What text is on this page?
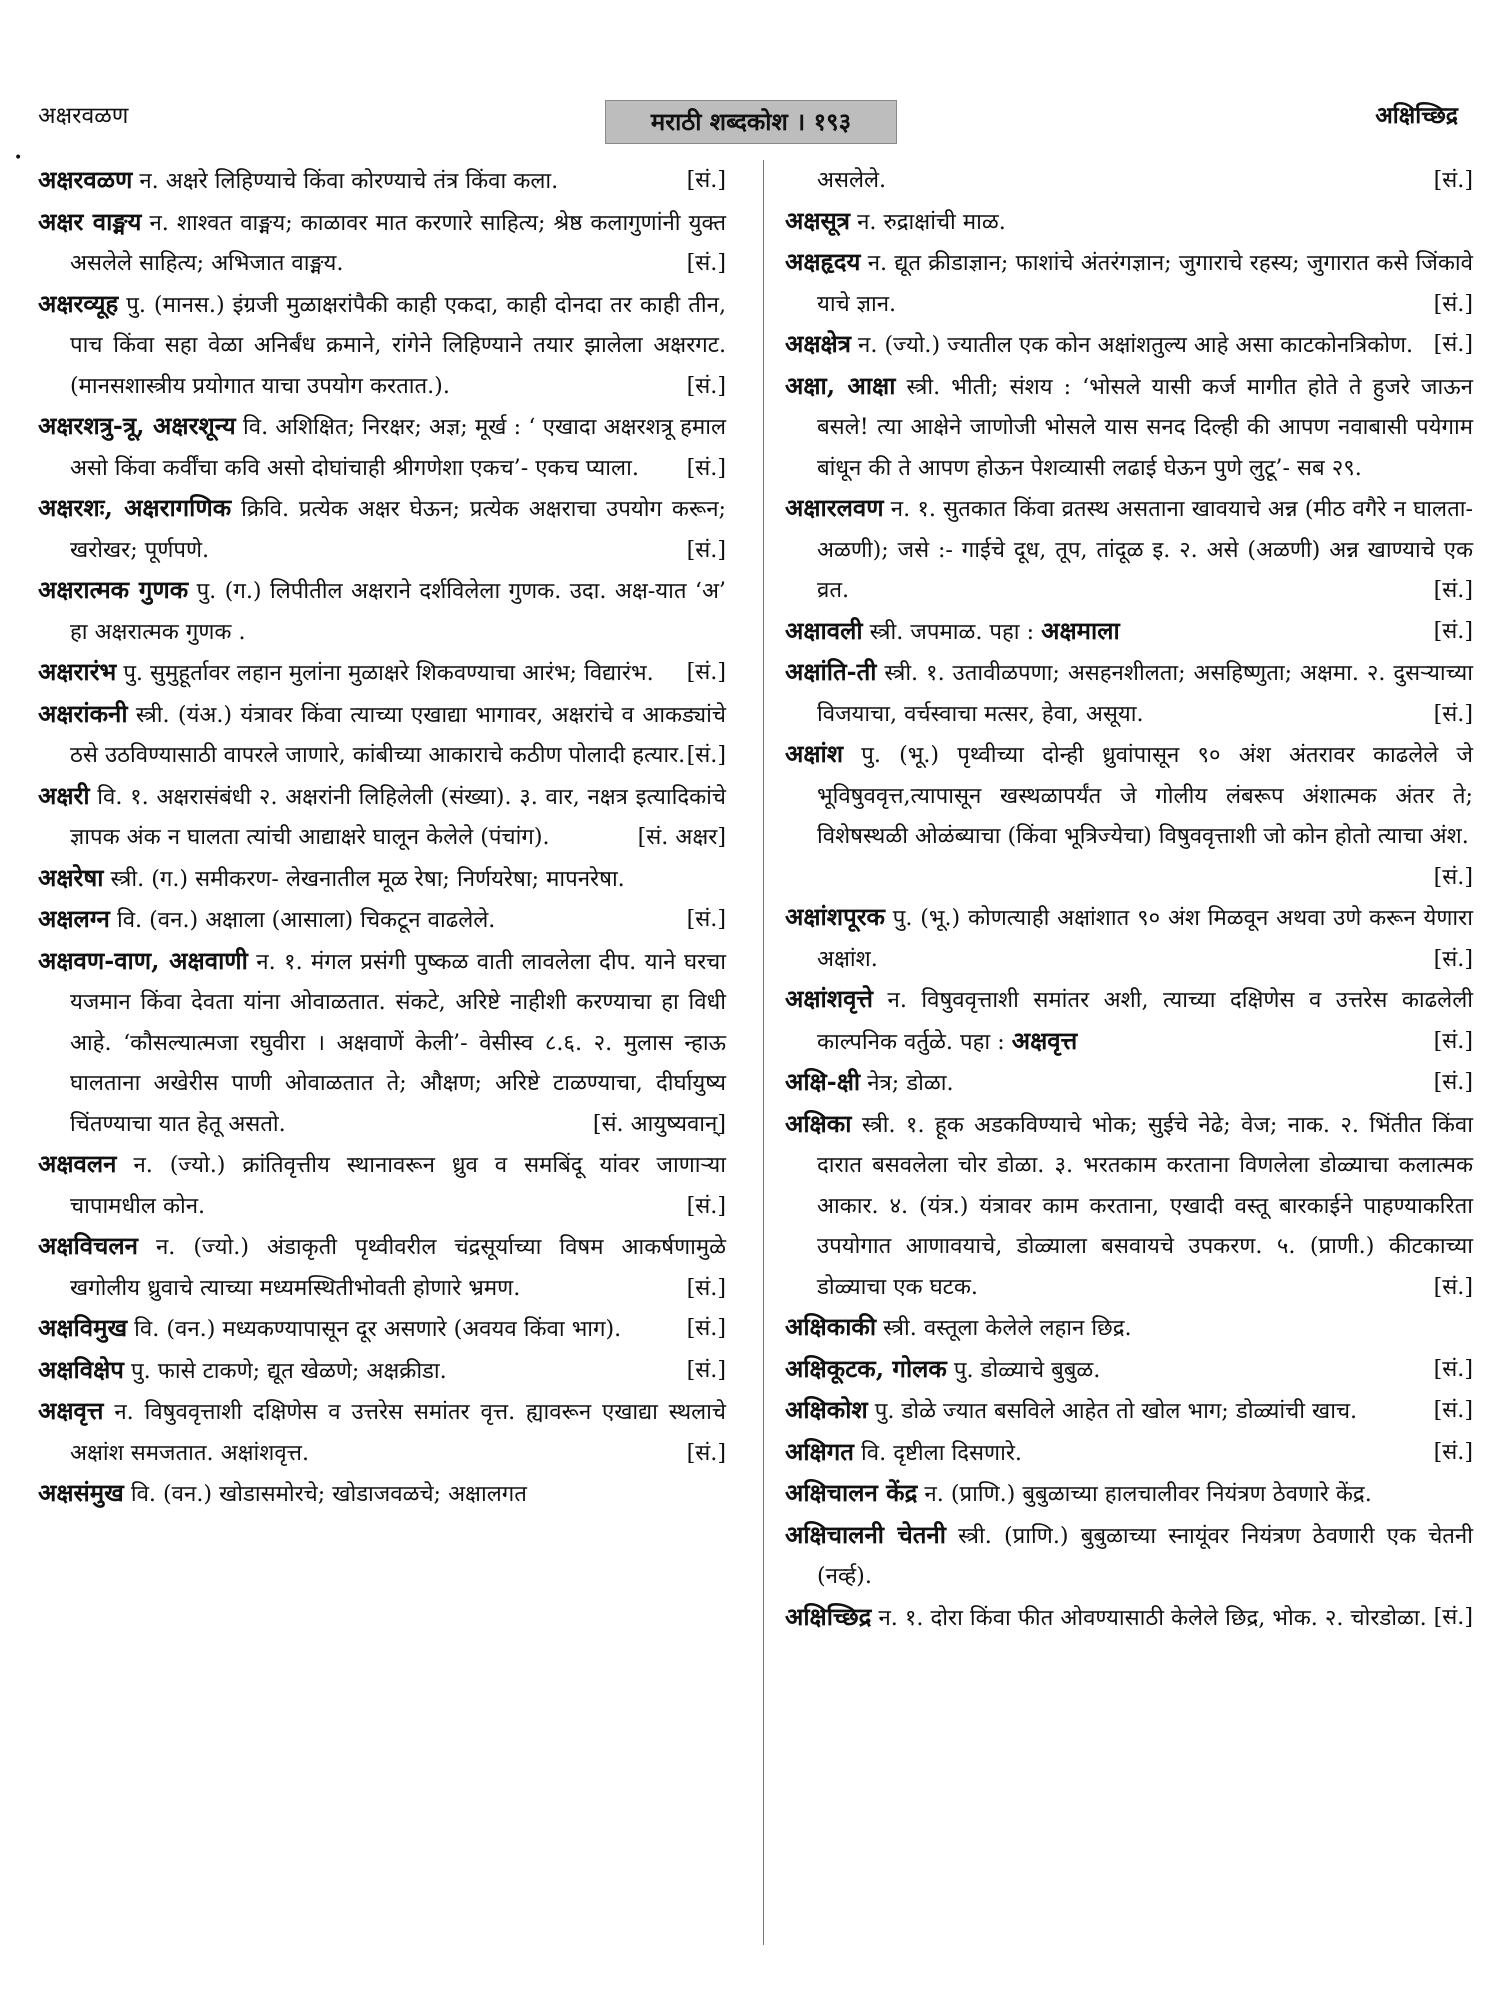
अक्षरवळण	मराठी शब्दकोश । १९३	अक्षिच्छिद्र
•
अक्षरवळण न. अक्षरे लिहिण्याचे किंवा कोरण्याचे तंत्र किंवा कला.	[सं.]
अक्षर वाङ्मय न. शाश्वत वाङ्मय; काळावर मात करणारे साहित्य; श्रेष्ठ कलागुणांनी युक्त असलेले साहित्य; अभिजात वाङ्मय.	[सं.]
अक्षरव्यूह पु. (मानस.) इंग्रजी मुळाक्षरांपैकी काही एकदा, काही दोनदा तर काही तीन, पाच किंवा सहा वेळा अनिर्बंध क्रमाने, रांगेने लिहिण्याने तयार झालेला अक्षरगट. (मानसशास्त्रीय प्रयोगात याचा उपयोग करतात.).	[सं.]
अक्षरशत्रु-त्रू, अक्षरशून्य वि. अशिक्षित; निरक्षर; अज्ञ; मूर्ख : ‘ एखादा अक्षरशत्रू हमाल असो किंवा कर्वींचा कवि असो दोघांचाही श्रीगणेशा एकच’- एकच प्याला. [सं.]
अक्षरशः, अक्षरागणिक क्रिवि. प्रत्येक अक्षर घेऊन; प्रत्येक अक्षराचा उपयोग करून; खरोखर; पूर्णपणे.	[सं.]
अक्षरात्मक गुणक पु. (ग.) लिपीतील अक्षराने दर्शविलेला गुणक. उदा. अक्ष-यात ‘अ’ हा अक्षरात्मक गुणक .
अक्षरारंभ पु. सुमुहूर्तावर लहान मुलांना मुळाक्षरे शिकवण्याचा आरंभ; विद्यारंभ. [सं.]
अक्षरांकनी स्त्री. (यंअ.) यंत्रावर किंवा त्याच्या एखाद्या भागावर, अक्षरांचे व आकड्यांचे ठसे उठविण्यासाठी वापरले जाणारे, कांबीच्या आकाराचे कठीण पोलादी हत्यार. [सं.]
अक्षरी वि. १. अक्षरासंबंधी २. अक्षरांनी लिहिलेली (संख्या). ३. वार, नक्षत्र इत्यादिकांचे ज्ञापक अंक न घालता त्यांची आद्याक्षरे घालून केलेले (पंचांग).	[सं. अक्षर]
अक्षरेषा स्त्री. (ग.) समीकरण- लेखनातील मूळ रेषा; निर्णयरेषा; मापनरेषा.
अक्षलग्न वि. (वन.) अक्षाला (आसाला) चिकटून वाढलेले.	[सं.]
अक्षवण-वाण, अक्षवाणी न. १. मंगल प्रसंगी पुष्कळ वाती लावलेला दीप. याने घरचा यजमान किंवा देवता यांना ओवाळतात. संकटे, अरिष्टे नाहीशी करण्याचा हा विधी आहे. ‘कौसल्यात्मजा रघुवीरा । अक्षवाणें केली’- वेसीस्व ८.६. २. मुलास न्हाऊ घालताना अखेरीस पाणी ओवाळतात ते; औक्षण; अरिष्टे टाळण्याचा, दीर्घायुष्य चिंतण्याचा यात हेतू असतो.	[सं. आयुष्यवान्]
अक्षवलन न. (ज्यो.) क्रांतिवृत्तीय स्थानावरून ध्रुव व समबिंदू यांवर जाणाऱ्या चापामधील कोन.	[सं.]
अक्षविचलन न. (ज्यो.) अंडाकृती पृथ्वीवरील चंद्रसूर्याच्या विषम आकर्षणामुळे खगोलीय ध्रुवाचे त्याच्या मध्यमस्थितीभोवती होणारे भ्रमण.	[सं.]
अक्षविमुख वि. (वन.) मध्यकण्यापासून दूर असणारे (अवयव किंवा भाग).	[सं.]
अक्षविक्षेप पु. फासे टाकणे; द्यूत खेळणे; अक्षक्रीडा.	[सं.]
अक्षवृत्त न. विषुववृत्ताशी दक्षिणेस व उत्तरेस समांतर वृत्त. ह्यावरून एखाद्या स्थलाचे अक्षांश समजतात. अक्षांशवृत्त.	[सं.]
अक्षसंमुख वि. (वन.) खोडासमोरचे; खोडाजवळचे; अक्षालगत
[सं.]
असलेले.
अक्षसूत्र न. रुद्राक्षांची माळ.
अक्षहृदय न. द्यूत क्रीडाज्ञान; फाशांचे अंतरंगज्ञान; जुगाराचे रहस्य; जुगारात कसे जिंकावे याचे ज्ञान.	[सं.]
अक्षक्षेत्र न. (ज्यो.) ज्यातील एक कोन अक्षांशतुल्य आहे असा काटकोनत्रिकोण. [सं.]
अक्षा, आक्षा स्त्री. भीती; संशय : ‘भोसले यासी कर्ज मागीत होते ते हुजरे जाऊन बसले! त्या आक्षेने जाणोजी भोसले यास सनद दिल्ही की आपण नवाबासी पयेगाम बांधून की ते आपण होऊन पेशव्यासी लढाई घेऊन पुणे लुटू’- सब २९.
अक्षारलवण न. १. सुतकात किंवा व्रतस्थ असताना खावयाचे अन्न (मीठ वगैरे न घालता-अळणी); जसे :- गाईचे दूध, तूप, तांदूळ इ. २. असे (अळणी) अन्न खाण्याचे एक व्रत.	[सं.]
अक्षावली स्त्री. जपमाळ. पहा : अक्षमाला	[सं.]
अक्षांति-ती स्त्री. १. उतावीळपणा; असहनशीलता; असहिष्णुता; अक्षमा. २. दुसऱ्याच्या विजयाचा, वर्चस्वाचा मत्सर, हेवा, असूया.	[सं.]
अक्षांश पु. (भू.) पृथ्वीच्या दोन्ही ध्रुवांपासून ९० अंश अंतरावर काढलेले जे भूविषुववृत्त,त्यापासून खस्थळापर्यंत जे गोलीय लंबरूप अंशात्मक अंतर ते; विशेषस्थळी ओळंब्याचा (किंवा भूत्रिज्येचा) विषुववृत्ताशी जो कोन होतो त्याचा अंश.
[सं.]
अक्षांशपूरक पु. (भू.) कोणत्याही अक्षांशात ९० अंश मिळवून अथवा उणे करून येणारा अक्षांश.	[सं.]
अक्षांशवृत्ते न. विषुववृत्ताशी समांतर अशी, त्याच्या दक्षिणेस व उत्तरेस काढलेली काल्पनिक वर्तुळे. पहा : अक्षवृत्त	[सं.]
अक्षि-क्षी नेत्र; डोळा.	[सं.]
अक्षिका स्त्री. १. हूक अडकविण्याचे भोक; सुईचे नेढे; वेज; नाक. २. भिंतीत किंवा दारात बसवलेला चोर डोळा. ३. भरतकाम करताना विणलेला डोळ्याचा कलात्मक आकार. ४. (यंत्र.) यंत्रावर काम करताना, एखादी वस्तू बारकाईने पाहण्याकरिता उपयोगात आणावयाचे, डोळ्याला बसवायचे उपकरण. ५. (प्राणी.) कीटकाच्या डोळ्याचा एक घटक.	[सं.]
अक्षिकाकी स्त्री. वस्तूला केलेले लहान छिद्र.
अक्षिकूटक, गोलक पु. डोळ्याचे बुबुळ.	[सं.]
अक्षिकोश पु. डोळे ज्यात बसविले आहेत तो खोल भाग; डोळ्यांची खाच.	[सं.]
अक्षिगत वि. दृष्टीला दिसणारे.	[सं.]
अक्षिचालन केंद्र न. (प्राणि.) बुबुळाच्या हालचालीवर नियंत्रण ठेवणारे केंद्र.
अक्षिचालनी चेतनी स्त्री. (प्राणि.) बुबुळाच्या स्नायूंवर नियंत्रण ठेवणारी एक चेतनी (नर्व्ह).
अक्षिच्छिद्र न. १. दोरा किंवा फीत ओवण्यासाठी केलेले छिद्र, भोक. २. चोरडोळा. [सं.]
